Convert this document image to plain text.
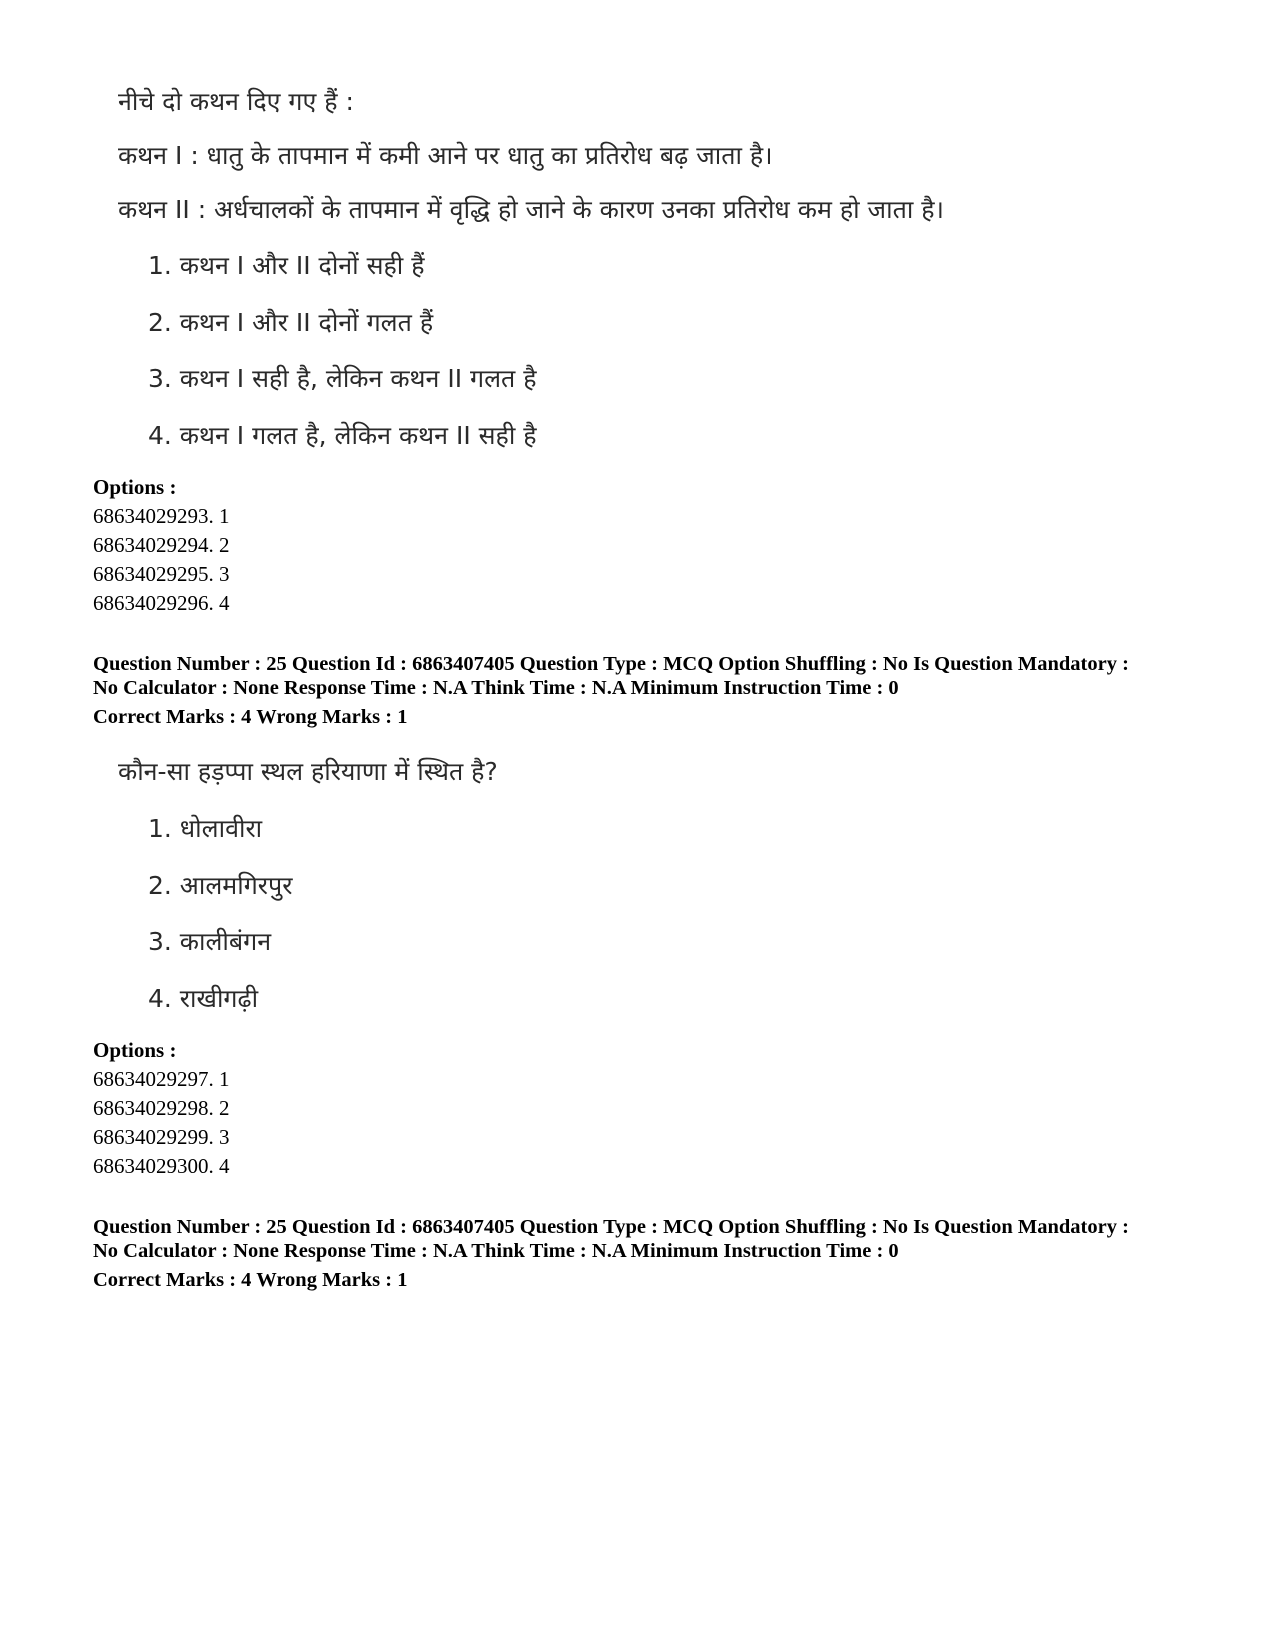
नीचे दो कथन दिए गए हैं :

कथन I : धातु के तापमान में कमी आने पर धातु का प्रतिरोध बढ़ जाता है।

कथन II : अर्धचालकों के तापमान में वृद्धि हो जाने के कारण उनका प्रतिरोध कम हो जाता है।

1. कथन I और II दोनों सही हैं

2. कथन I और II दोनों गलत हैं

3. कथन I सही है, लेकिन कथन II गलत है

4. कथन I गलत है, लेकिन कथन II सही है

Options :
68634029293. 1
68634029294. 2
68634029295. 3
68634029296. 4
Question Number : 25 Question Id : 6863407405 Question Type : MCQ Option Shuffling : No Is Question Mandatory :
No Calculator : None Response Time : N.A Think Time : N.A Minimum Instruction Time : 0
Correct Marks : 4 Wrong Marks : 1

कौन-सा हड़प्पा स्थल हरियाणा में स्थित है?

1. धोलावीरा

2. आलमगिरपुर

3. कालीबंगन

4. राखीगढ़ी

Options :
68634029297. 1
68634029298. 2
68634029299. 3
68634029300. 4
Question Number : 25 Question Id : 6863407405 Question Type : MCQ Option Shuffling : No Is Question Mandatory :
No Calculator : None Response Time : N.A Think Time : N.A Minimum Instruction Time : 0
Correct Marks : 4 Wrong Marks : 1
